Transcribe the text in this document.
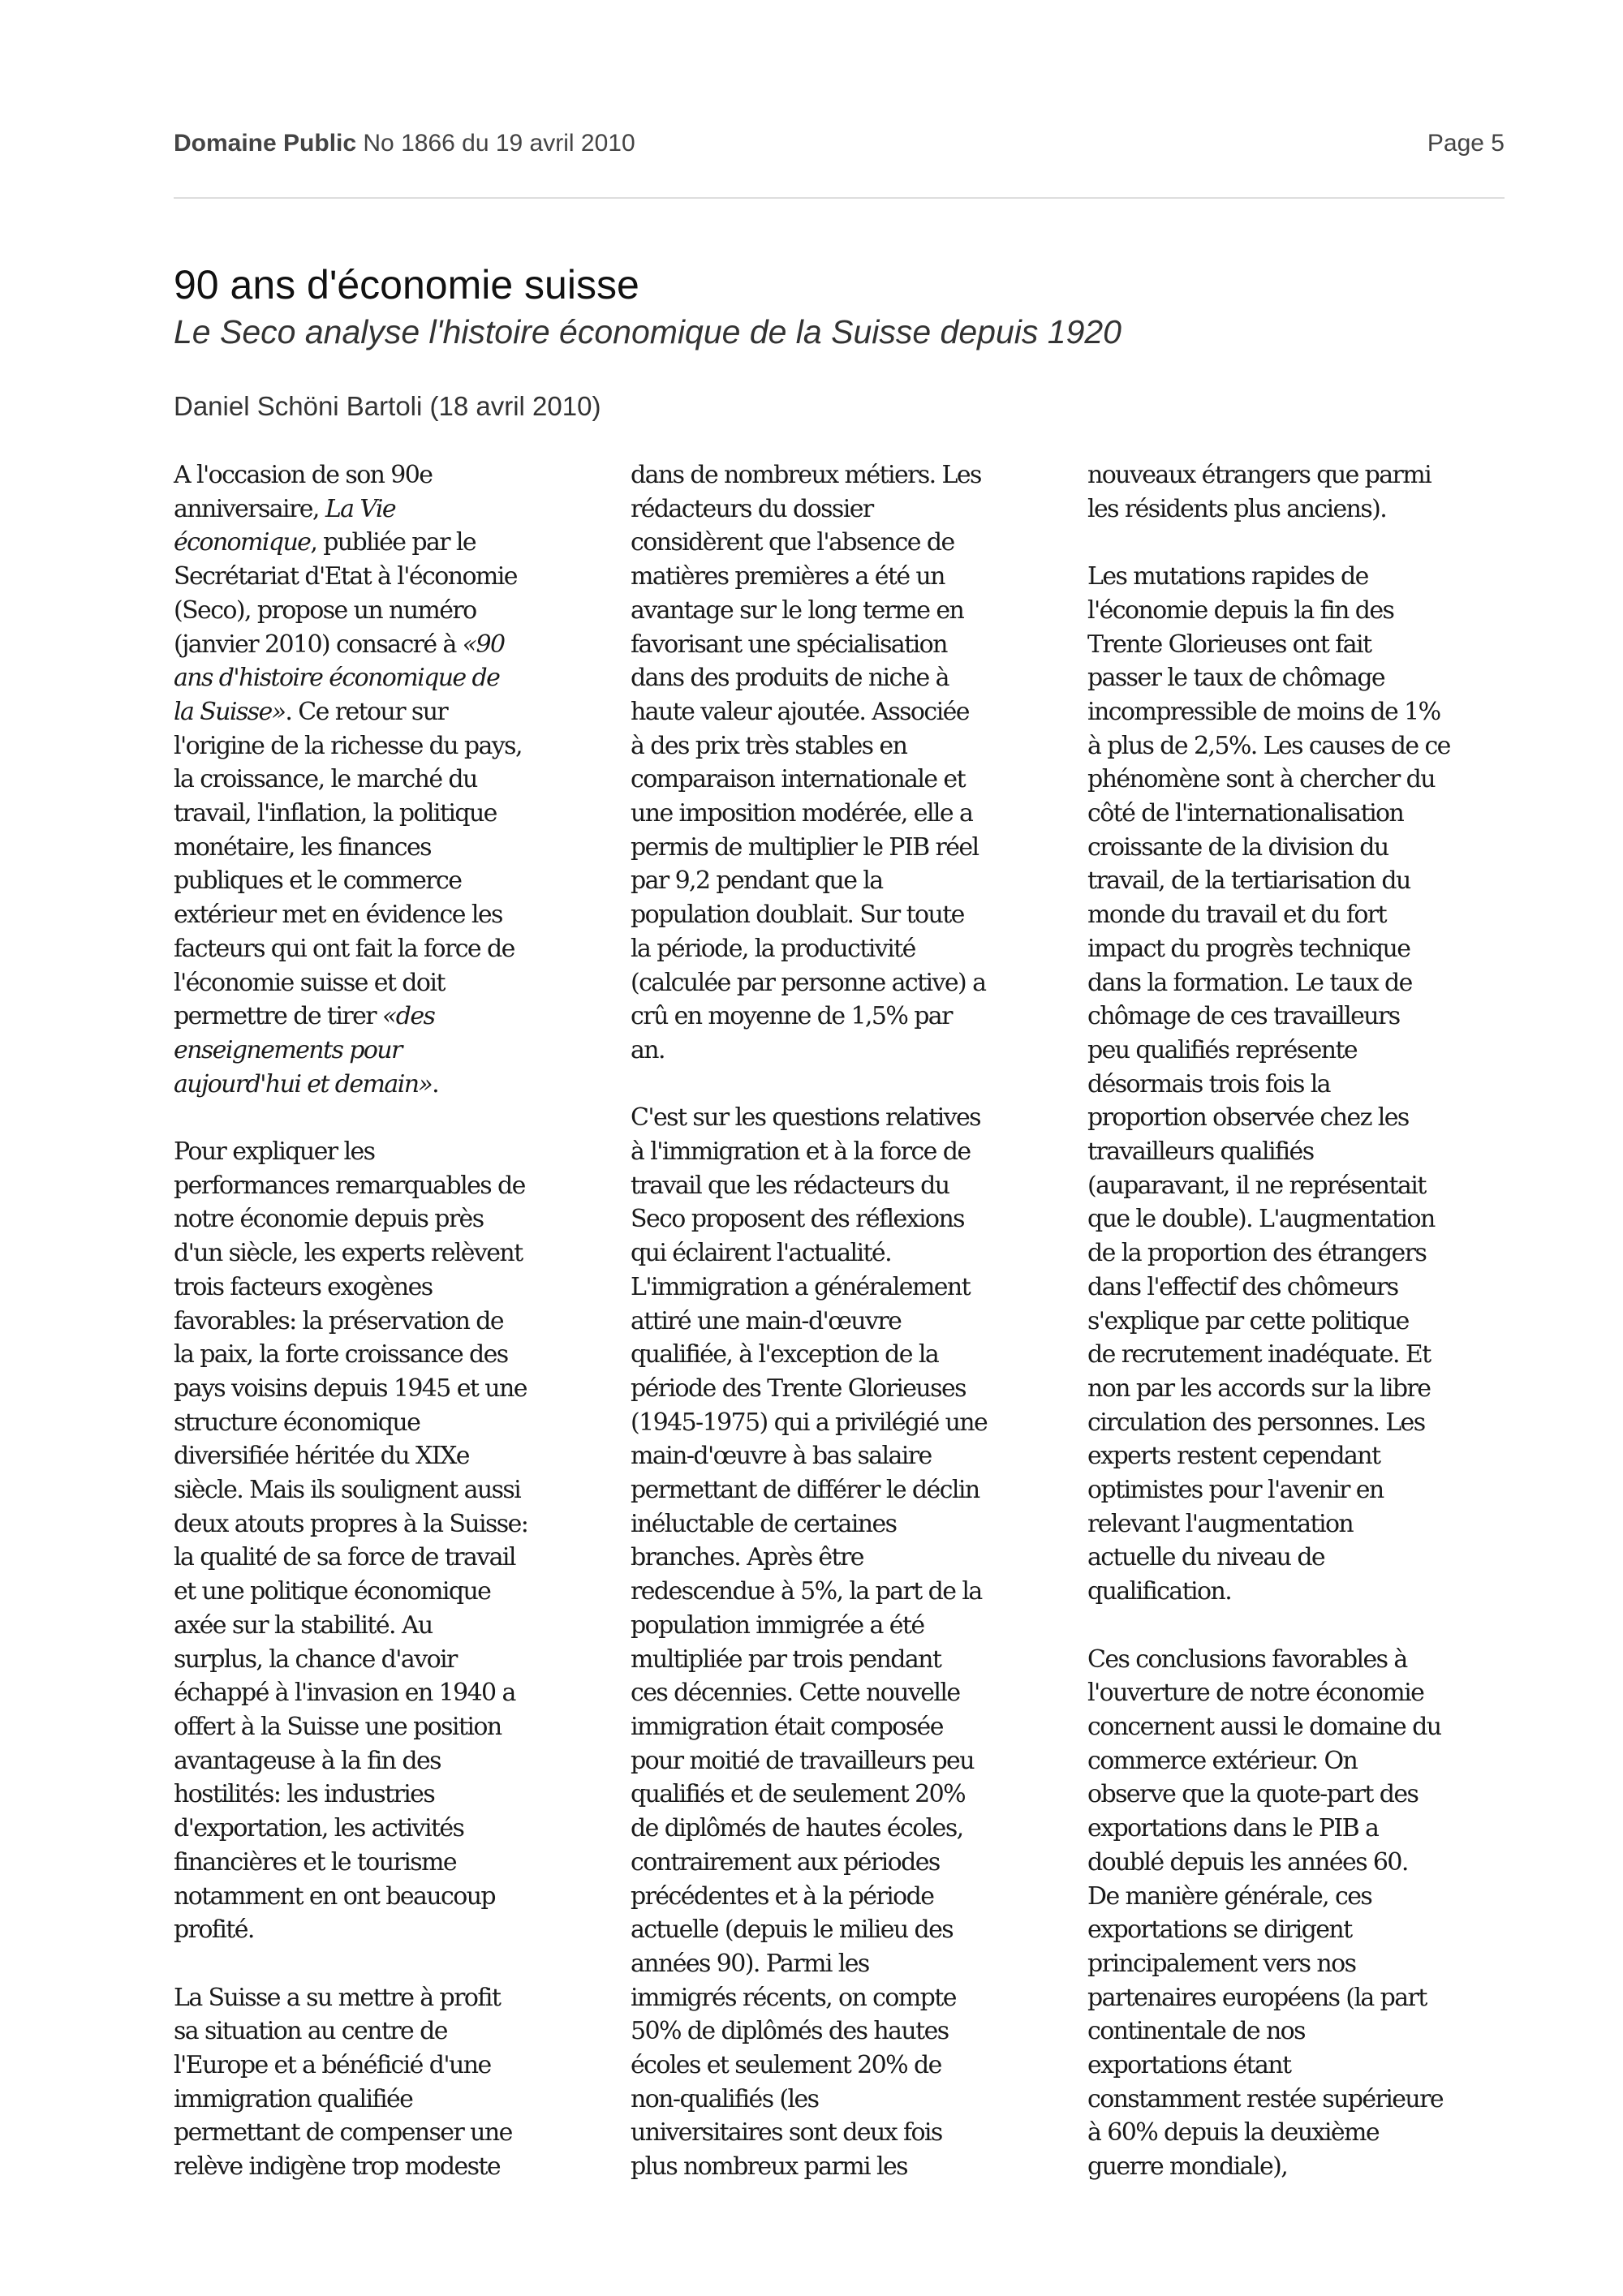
Domaine Public No 1866 du 19 avril 2010	Page 5
90 ans d'économie suisse
Le Seco analyse l'histoire économique de la Suisse depuis 1920

Daniel Schöni Bartoli (18 avril 2010)

A l'occasion de son 90e
anniversaire, La Vie
économique, publiée par le
Secrétariat d'Etat à l'économie
(Seco), propose un numéro
(janvier 2010) consacré à «90
ans d'histoire économique de
la Suisse». Ce retour sur
l'origine de la richesse du pays,
la croissance, le marché du
travail, l'inflation, la politique
monétaire, les finances
publiques et le commerce
extérieur met en évidence les
facteurs qui ont fait la force de
l'économie suisse et doit
permettre de tirer «des
enseignements pour
aujourd'hui et demain».

Pour expliquer les
performances remarquables de
notre économie depuis près
d'un siècle, les experts relèvent
trois facteurs exogènes
favorables: la préservation de
la paix, la forte croissance des
pays voisins depuis 1945 et une
structure économique
diversifiée héritée du XIXe
siècle. Mais ils soulignent aussi
deux atouts propres à la Suisse:
la qualité de sa force de travail
et une politique économique
axée sur la stabilité. Au
surplus, la chance d'avoir
échappé à l'invasion en 1940 a
offert à la Suisse une position
avantageuse à la fin des
hostilités: les industries
d'exportation, les activités
financières et le tourisme
notamment en ont beaucoup
profité.

La Suisse a su mettre à profit
sa situation au centre de
l'Europe et a bénéficié d'une
immigration qualifiée
permettant de compenser une
relève indigène trop modeste

dans de nombreux métiers. Les
rédacteurs du dossier
considèrent que l'absence de
matières premières a été un
avantage sur le long terme en
favorisant une spécialisation
dans des produits de niche à
haute valeur ajoutée. Associée
à des prix très stables en
comparaison internationale et
une imposition modérée, elle a
permis de multiplier le PIB réel
par 9,2 pendant que la
population doublait. Sur toute
la période, la productivité
(calculée par personne active) a
crû en moyenne de 1,5% par
an.

C'est sur les questions relatives
à l'immigration et à la force de
travail que les rédacteurs du
Seco proposent des réflexions
qui éclairent l'actualité.
L'immigration a généralement
attiré une main-d'œuvre
qualifiée, à l'exception de la
période des Trente Glorieuses
(1945-1975) qui a privilégié une
main-d'œuvre à bas salaire
permettant de différer le déclin
inéluctable de certaines
branches. Après être
redescendue à 5%, la part de la
population immigrée a été
multipliée par trois pendant
ces décennies. Cette nouvelle
immigration était composée
pour moitié de travailleurs peu
qualifiés et de seulement 20%
de diplômés de hautes écoles,
contrairement aux périodes
précédentes et à la période
actuelle (depuis le milieu des
années 90). Parmi les
immigrés récents, on compte
50% de diplômés des hautes
écoles et seulement 20% de
non-qualifiés (les
universitaires sont deux fois
plus nombreux parmi les

nouveaux étrangers que parmi
les résidents plus anciens).

Les mutations rapides de
l'économie depuis la fin des
Trente Glorieuses ont fait
passer le taux de chômage
incompressible de moins de 1%
à plus de 2,5%. Les causes de ce
phénomène sont à chercher du
côté de l'internationalisation
croissante de la division du
travail, de la tertiarisation du
monde du travail et du fort
impact du progrès technique
dans la formation. Le taux de
chômage de ces travailleurs
peu qualifiés représente
désormais trois fois la
proportion observée chez les
travailleurs qualifiés
(auparavant, il ne représentait
que le double). L'augmentation
de la proportion des étrangers
dans l'effectif des chômeurs
s'explique par cette politique
de recrutement inadéquate. Et
non par les accords sur la libre
circulation des personnes. Les
experts restent cependant
optimistes pour l'avenir en
relevant l'augmentation
actuelle du niveau de
qualification.

Ces conclusions favorables à
l'ouverture de notre économie
concernent aussi le domaine du
commerce extérieur. On
observe que la quote-part des
exportations dans le PIB a
doublé depuis les années 60.
De manière générale, ces
exportations se dirigent
principalement vers nos
partenaires européens (la part
continentale de nos
exportations étant
constamment restée supérieure
à 60% depuis la deuxième
guerre mondiale),
